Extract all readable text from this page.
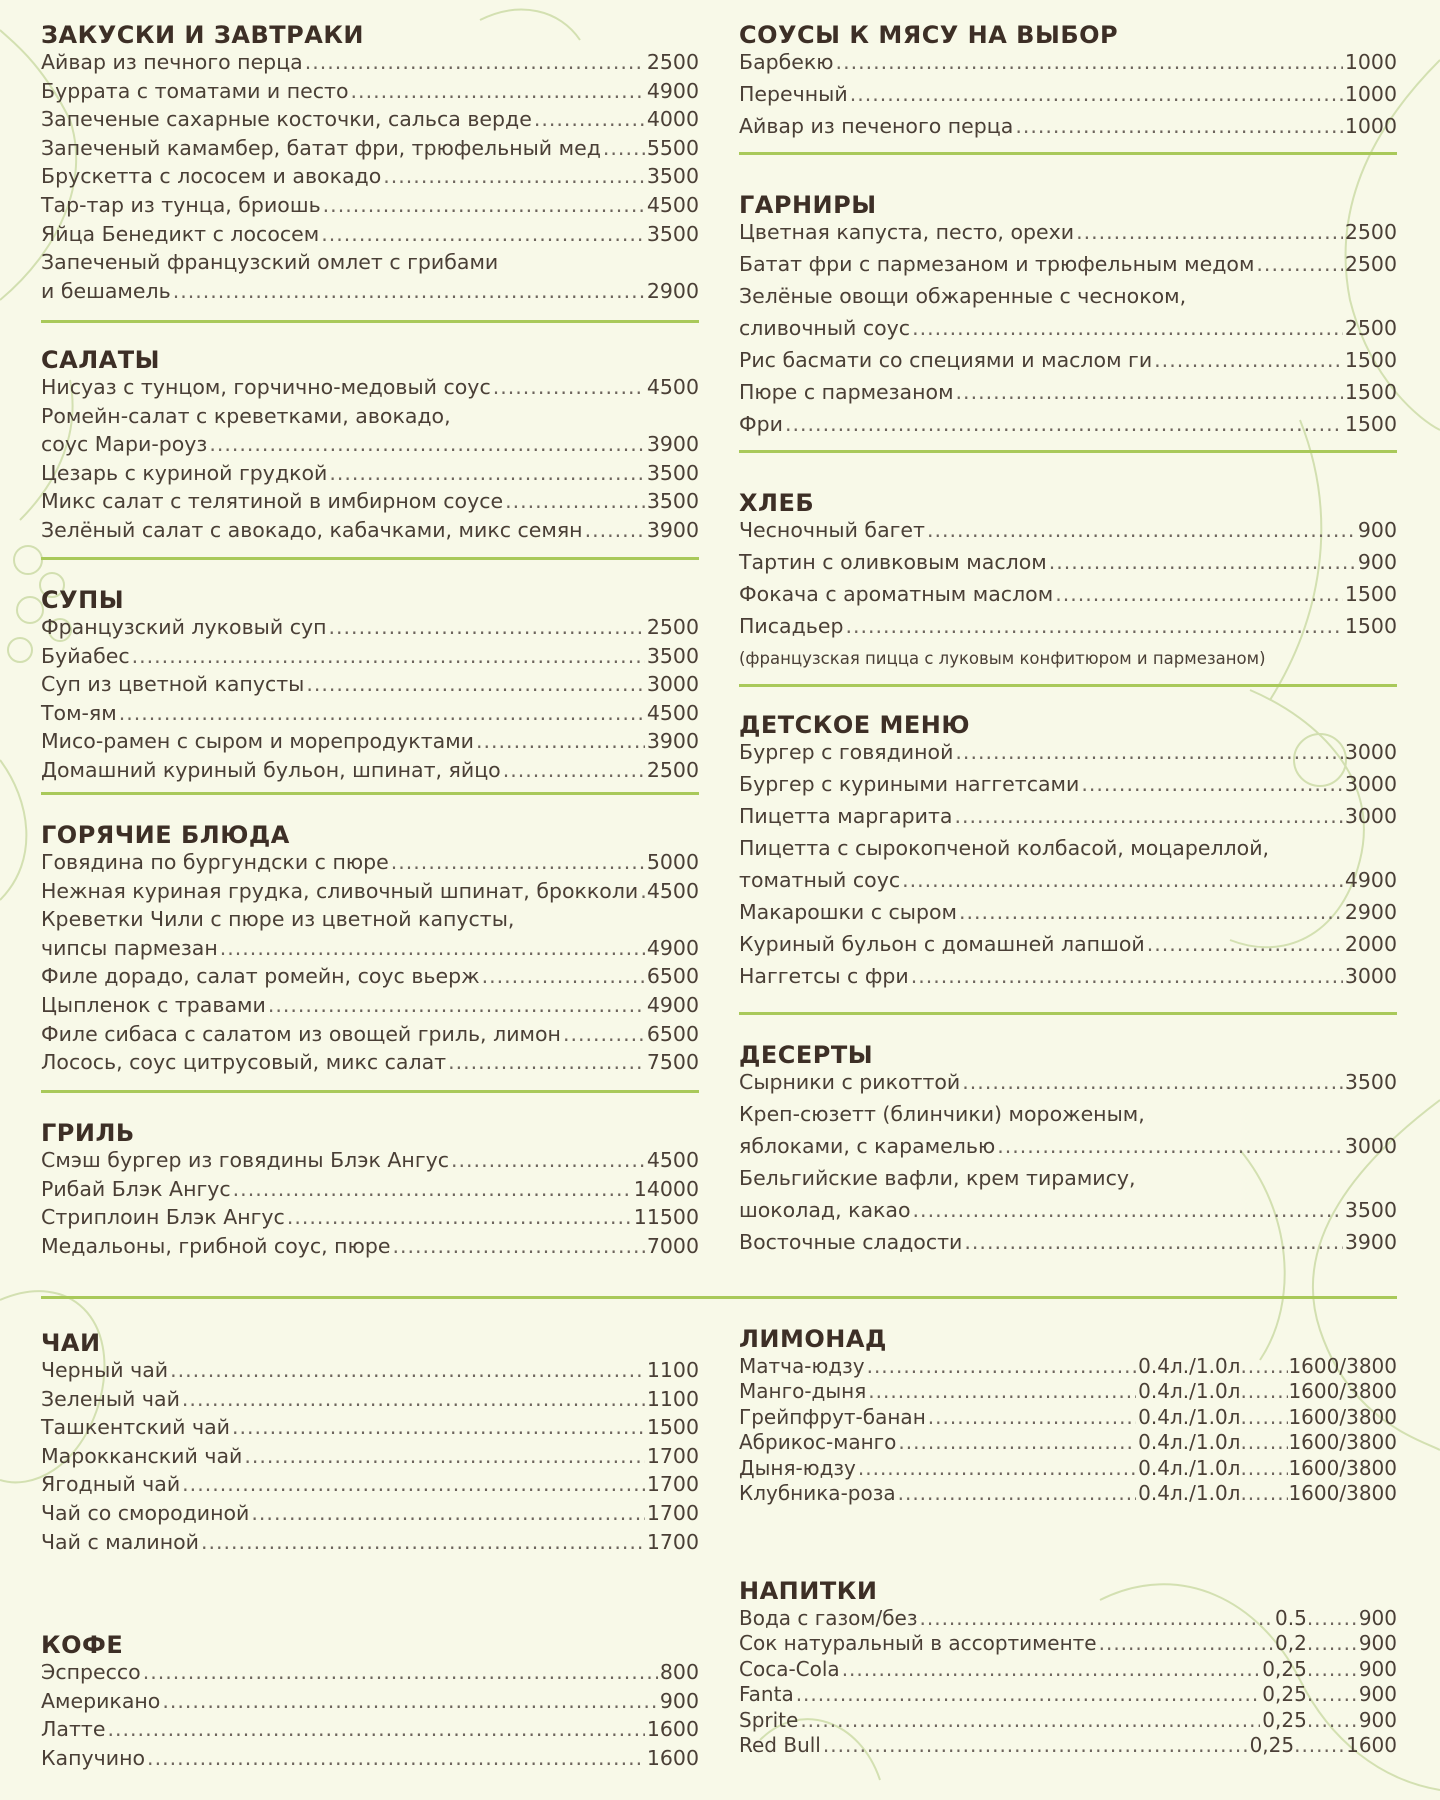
ЗАКУСКИ И ЗАВТРАКИ
Айвар из печного перца .....	2500
Буррата с томатами и песто .....	4900
Запеченые сахарные косточки, сальса верде .....	4000
Запеченый камамбер, батат фри, трюфельный мед ..... 5500
Брускетта с лососем и авокадо .....	3500
Тар-тар из тунца, бриошь .....	4500
Яйца Бенедикт с лососем .....	3500
Запеченый французский омлет с грибами
и бешамель .....	2900
САЛАТЫ
Нисуаз с тунцом, горчично-медовый соус .....	4500
Ромейн-салат с креветками, авокадо,
соус Мари-роуз .....	3900
Цезарь с куриной грудкой .....	3500
Микс салат с телятиной в имбирном соусе .....	3500
Зелёный салат с авокадо, кабачками, микс семян .....	3900
СУПЫ
Французский луковый суп .....	2500
Буйабес .....	3500
Суп из цветной капусты .....	3000
Том-ям .....	4500
Мисо-рамен с сыром и морепродуктами .....	3900
Домашний куриный бульон, шпинат, яйцо .....	2500
ГОРЯЧИЕ БЛЮДА
Говядина по бургундски с пюре .....	5000
Нежная куриная грудка, сливочный шпинат, брокколи ..... 4500
Креветки Чили с пюре из цветной капусты,
чипсы пармезан .....	4900
Филе дорадо, салат ромейн, соус вьерж .....	6500
Цыпленок с травами .....	4900
Филе сибаса с салатом из овощей гриль, лимон .....	6500
Лосось, соус цитрусовый, микс салат .....	7500
ГРИЛЬ
Смэш бургер из говядины Блэк Ангус .....	4500
Рибай Блэк Ангус .....	14000
Стриплоин Блэк Ангус .....	11500
Медальоны, грибной соус, пюре .....	7000
ЧАИ
Черный чай .....	1100
Зеленый чай .....	1100
Ташкентский чай .....	1500
Марокканский чай .....	1700
Ягодный чай .....	1700
Чай со смородиной .....	1700
Чай с малиной .....	1700
КОФЕ
Эспрессо .....	800
Американо .....	900
Латте .....	1600
Капучино .....	1600
СОУСЫ К МЯСУ НА ВЫБОР
Барбекю .....	1000
Перечный .....	1000
Айвар из печеного перца .....	1000
ГАРНИРЫ
Цветная капуста, песто, орехи .....	2500
Батат фри с пармезаном и трюфельным медом .....	2500
Зелёные овощи обжаренные с чесноком,
сливочный соус .....	2500
Рис басмати со специями и маслом ги .....	1500
Пюре с пармезаном .....	1500
Фри .....	1500
ХЛЕБ
Чесночный багет .....	900
Тартин с оливковым маслом .....	900
Фокача с ароматным маслом .....	1500
Писадьер .....	1500
(французская пицца с луковым конфитюром и пармезаном)
ДЕТСКОЕ МЕНЮ
Бургер с говядиной .....	3000
Бургер с куриными наггетсами .....	3000
Пицетта маргарита .....	3000
Пицетта с сырокопченой колбасой, моцареллой,
томатный соус .....	4900
Макарошки с сыром .....	2900
Куриный бульон с домашней лапшой .....	2000
Наггетсы с фри .....	3000
ДЕСЕРТЫ
Сырники с рикоттой .....	3500
Креп-сюзетт (блинчики) мороженым,
яблоками, с карамелью .....	3000
Бельгийские вафли, крем тирамису,
шоколад, какао .....	3500
Восточные сладости .....	3900
ЛИМОНАД
Матча-юдзу .....	0.4л./1.0л ..... 1600/3800
Манго-дыня .....	0.4л./1.0л ..... 1600/3800
Грейпфрут-банан .....	0.4л./1.0л ..... 1600/3800
Абрикос-манго .....	0.4л./1.0л ..... 1600/3800
Дыня-юдзу .....	0.4л./1.0л ..... 1600/3800
Клубника-роза .....	0.4л./1.0л ..... 1600/3800
НАПИТКИ
Вода с газом/без .....	0.5 .....	900
Сок натуральный в ассортименте .....	0,2 .....	900
Coca-Cola .....	0,25 .....	900
Fanta .....	0,25 .....	900
Sprite .....	0,25 .....	900
Red Bull .....	0,25 .....	1600
